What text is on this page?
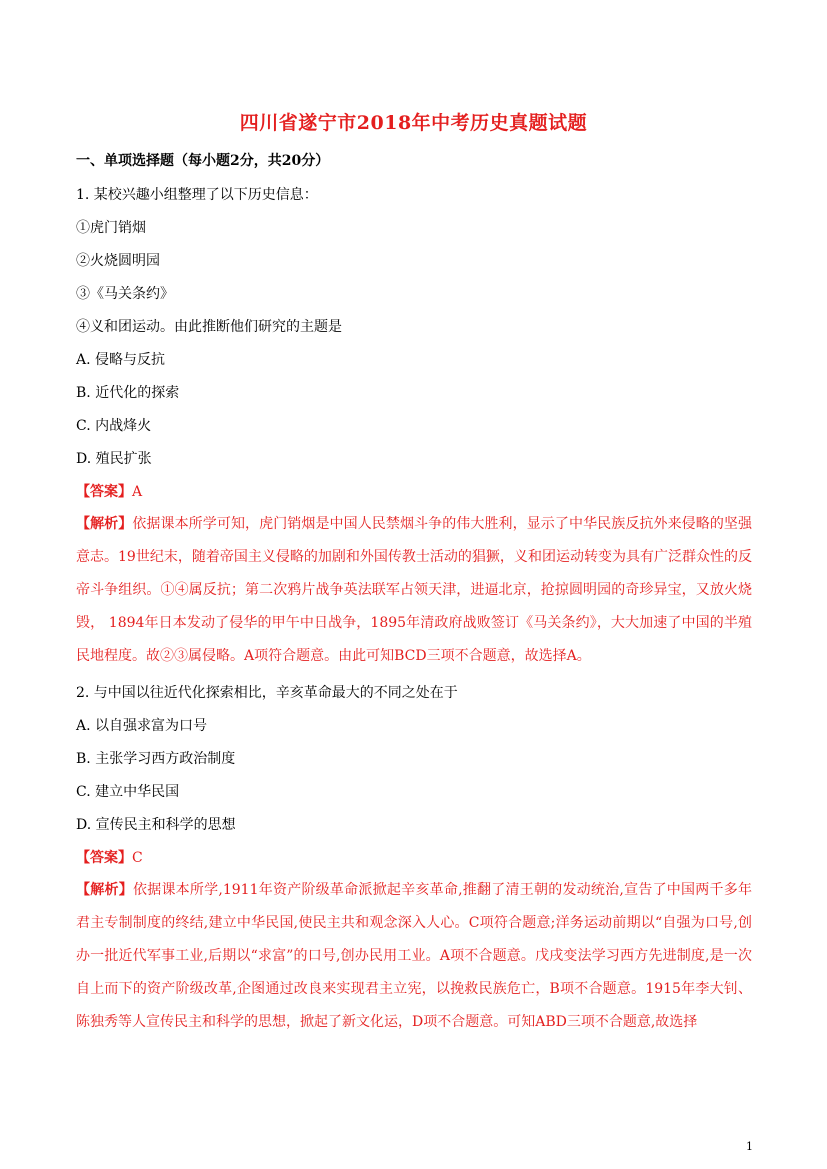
四川省遂宁市2018年中考历史真题试题
一、单项选择题（每小题2分，共20分）
1. 某校兴趣小组整理了以下历史信息：
①虎门销烟
②火烧圆明园
③《马关条约》
④义和团运动。由此推断他们研究的主题是
A. 侵略与反抗
B. 近代化的探索
C. 内战烽火
D. 殖民扩张
【答案】A
【解析】依据课本所学可知，虎门销烟是中国人民禁烟斗争的伟大胜利，显示了中华民族反抗外来侵略的坚强意志。19世纪末，随着帝国主义侵略的加剧和外国传教士活动的猖獗，义和团运动转变为具有广泛群众性的反帝斗争组织。①④属反抗；第二次鸦片战争英法联军占领天津，进逼北京，抢掠圆明园的奇珍异宝，又放火烧毁， 1894年日本发动了侵华的甲午中日战争，1895年清政府战败签订《马关条约》，大大加速了中国的半殖民地程度。故②③属侵略。A项符合题意。由此可知BCD三项不合题意，故选择A。
2. 与中国以往近代化探索相比，辛亥革命最大的不同之处在于
A. 以自强求富为口号
B. 主张学习西方政治制度
C. 建立中华民国
D. 宣传民主和科学的思想
【答案】C
【解析】依据课本所学,1911年资产阶级革命派掀起辛亥革命,推翻了清王朝的发动统治,宣告了中国两千多年君主专制制度的终结,建立中华民国,使民主共和观念深入人心。C项符合题意;洋务运动前期以“自强为口号,创办一批近代军事工业,后期以“求富”的口号,创办民用工业。A项不合题意。戊戌变法学习西方先进制度,是一次自上而下的资产阶级改革,企图通过改良来实现君主立宪，以挽救民族危亡，B项不合题意。1915年李大钊、陈独秀等人宣传民主和科学的思想，掀起了新文化运，D项不合题意。可知ABD三项不合题意,故选择
1
